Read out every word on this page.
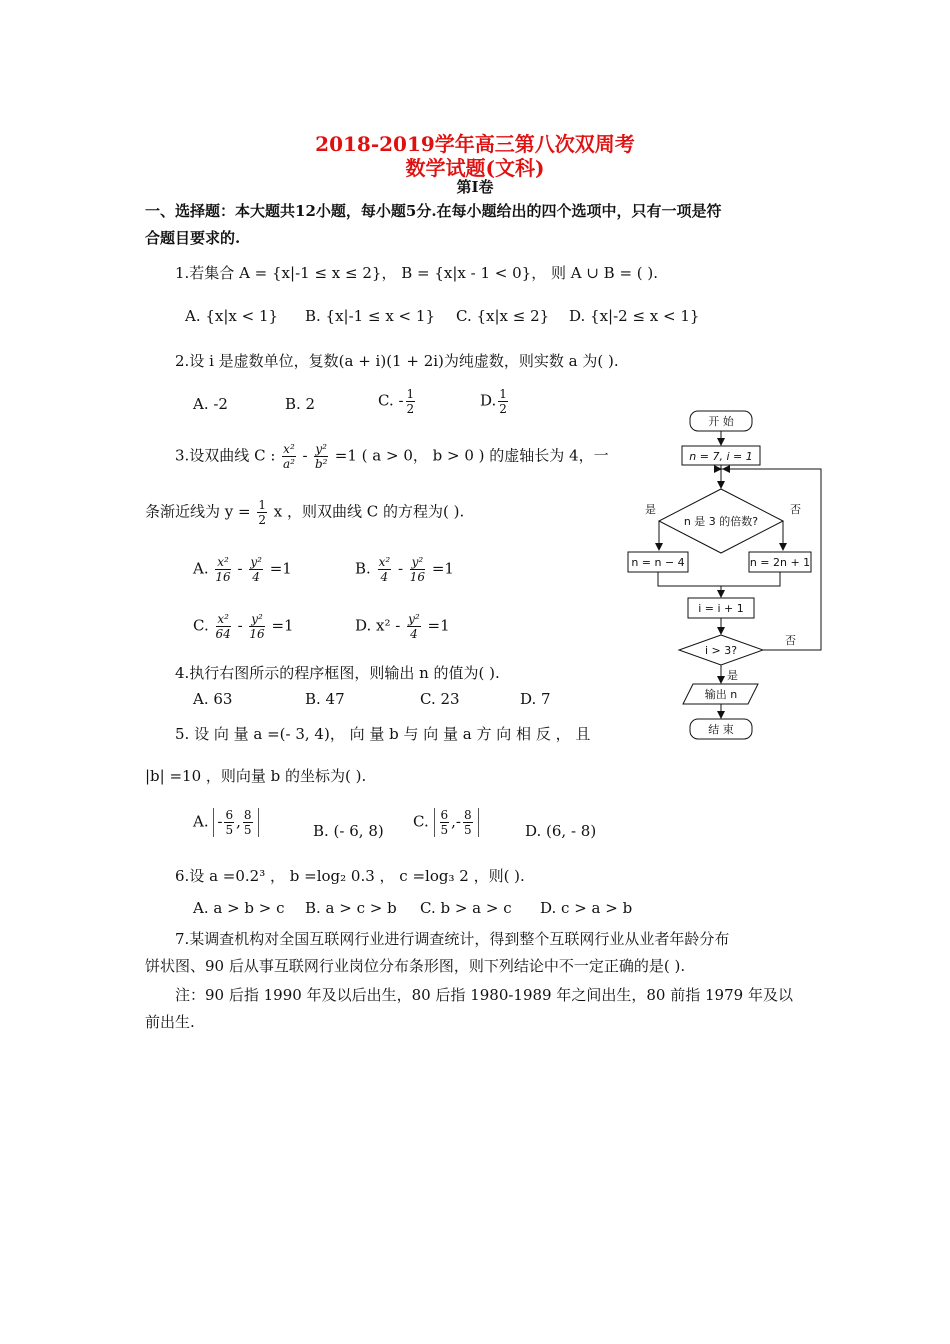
2018-2019学年高三第八次双周考
数学试题(文科)
第Ⅰ卷
一、选择题：本大题共12小题，每小题5分.在每小题给出的四个选项中，只有一项是符
合题目要求的.
1.若集合 A = {x|-1 ≤ x ≤ 2}， B = {x|x - 1 < 0}， 则 A ∪ B = ( ).
A. {x|x < 1} B. {x|-1 ≤ x < 1} C. {x|x ≤ 2} D. {x|-2 ≤ x < 1}
2.设 i 是虚数单位，复数(a + i)(1 + 2i)为纯虚数，则实数 a 为( ).
A. -2	B. 2	C. - $\frac{1}{2}$	D. $\frac{1}{2}$
3.设双曲线 C : $\frac{\text{x²}}{\text{a²}} - \frac{\text{y²}}{\text{b²}} =1$ ( a > 0， b > 0 ) 的虚轴长为 4，一
条渐近线为 $y = \frac{1}{2}$ x ，则双曲线 C 的方程为( ).
A. $\frac{\text{x²}}{16} - \frac{\text{y²}}{4} =1$	B. $\frac{\text{x²}}{4} - \frac{\text{y²}}{16} =1$
C. $\frac{\text{x²}}{64} - \frac{\text{y²}}{16} =1$	D. $x^2 - \frac{\text{y²}}{4} =1$
4.执行右图所示的程序框图，则输出 n 的值为( ).
A. 63	B. 47	C. 23	D. 7
5. 设 向 量 a =(- 3, 4)， 向 量 b 与 向 量 a 方 向 相 反 ， 且
|b| =10 ，则向量 b 的坐标为( ).
A. - $\frac{6}{5}$ , $\frac{8}{5}$	B. (- 6, 8)
C. $\frac{6}{5}$ ,- $\frac{8}{5}$	D. (6, - 8)
6.设 a =0.2³ ， b =log₂ 0.3 ， c =log₃ 2 ，则( ).
A. a > b > c B. a > c > b C. b > a > c D. c > a > b
7.某调查机构对全国互联网行业进行调查统计，得到整个互联网行业从业者年龄分布
饼状图、90 后从事互联网行业岗位分布条形图，则下列结论中不一定正确的是( ).
注：90 后指 1990 年及以后出生，80 后指 1980-1989 年之间出生，80 前指 1979 年及以
前出生.
开 始
n = 7, i = 1
n 是 3 的倍数?
是	否
n = n − 4	n = 2n + 1
i = i + 1
i > 3?
否
是
输出 n
结 束
